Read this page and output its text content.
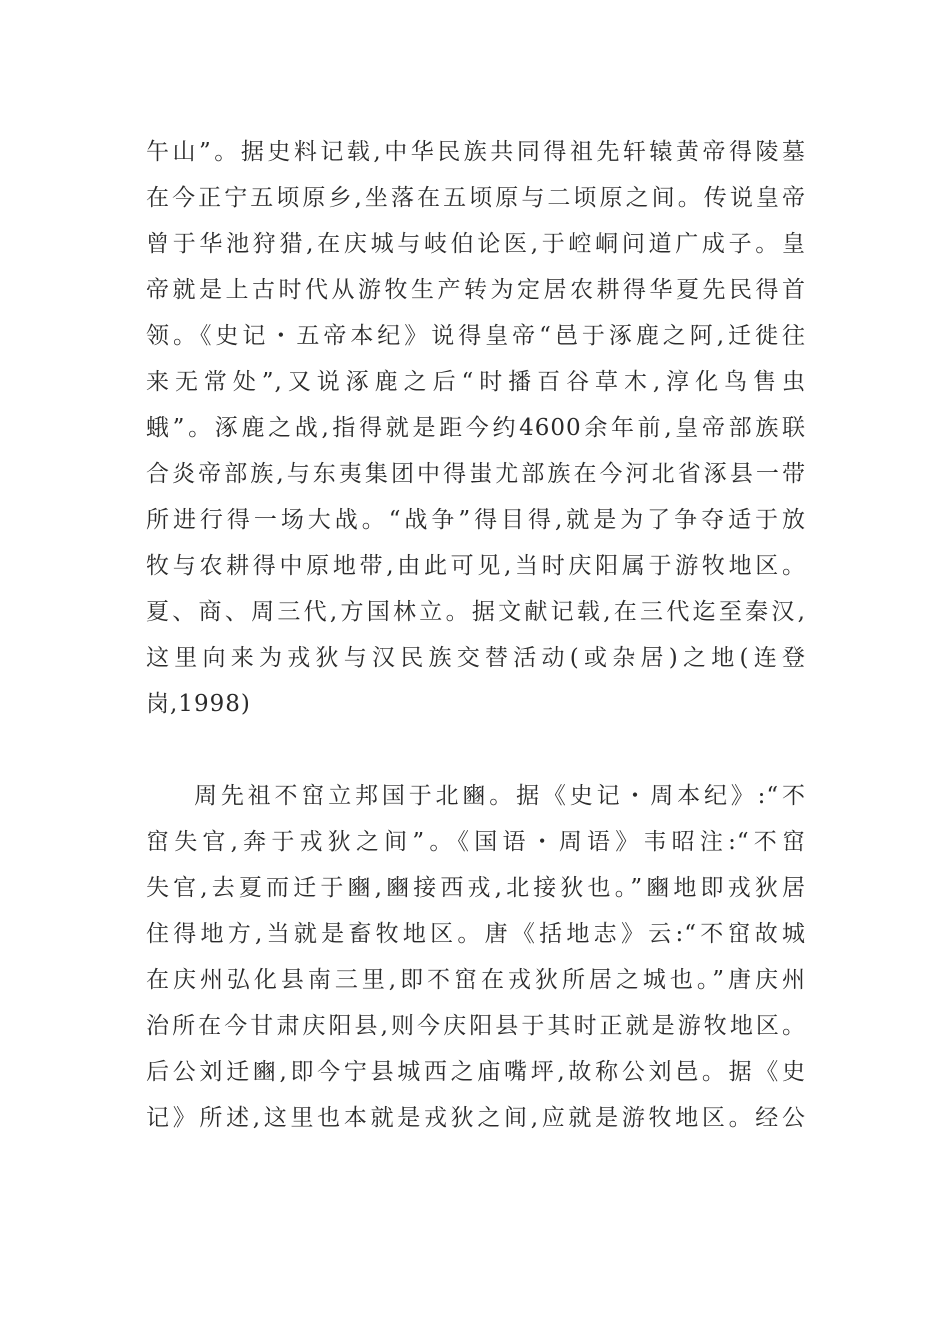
午山”。据史料记载,中华民族共同得祖先轩辕黄帝得陵墓
在今正宁五顷原乡,坐落在五顷原与二顷原之间。传说皇帝
曾于华池狩猎,在庆城与岐伯论医,于崆峒问道广成子。皇
帝就是上古时代从游牧生产转为定居农耕得华夏先民得首
领。《史记・五帝本纪》说得皇帝“邑于涿鹿之阿,迁徙往
来无常处”,又说涿鹿之后“时播百谷草木,淳化鸟售虫
蛾”。涿鹿之战,指得就是距今约4600余年前,皇帝部族联
合炎帝部族,与东夷集团中得蚩尤部族在今河北省涿县一带
所进行得一场大战。“战争”得目得,就是为了争夺适于放
牧与农耕得中原地带,由此可见,当时庆阳属于游牧地区。
夏、商、周三代,方国林立。据文献记载,在三代迄至秦汉,
这里向来为戎狄与汉民族交替活动(或杂居)之地(连登
岗,1998)
周先祖不窋立邦国于北豳。据《史记・周本纪》:“不
窋失官,奔于戎狄之间”。《国语・周语》韦昭注:“不窋
失官,去夏而迁于豳,豳接西戎,北接狄也。”豳地即戎狄居
住得地方,当就是畜牧地区。唐《括地志》云:“不窋故城
在庆州弘化县南三里,即不窋在戎狄所居之城也。”唐庆州
治所在今甘肃庆阳县,则今庆阳县于其时正就是游牧地区。
后公刘迁豳,即今宁县城西之庙嘴坪,故称公刘邑。据《史
记》所述,这里也本就是戎狄之间,应就是游牧地区。经公
